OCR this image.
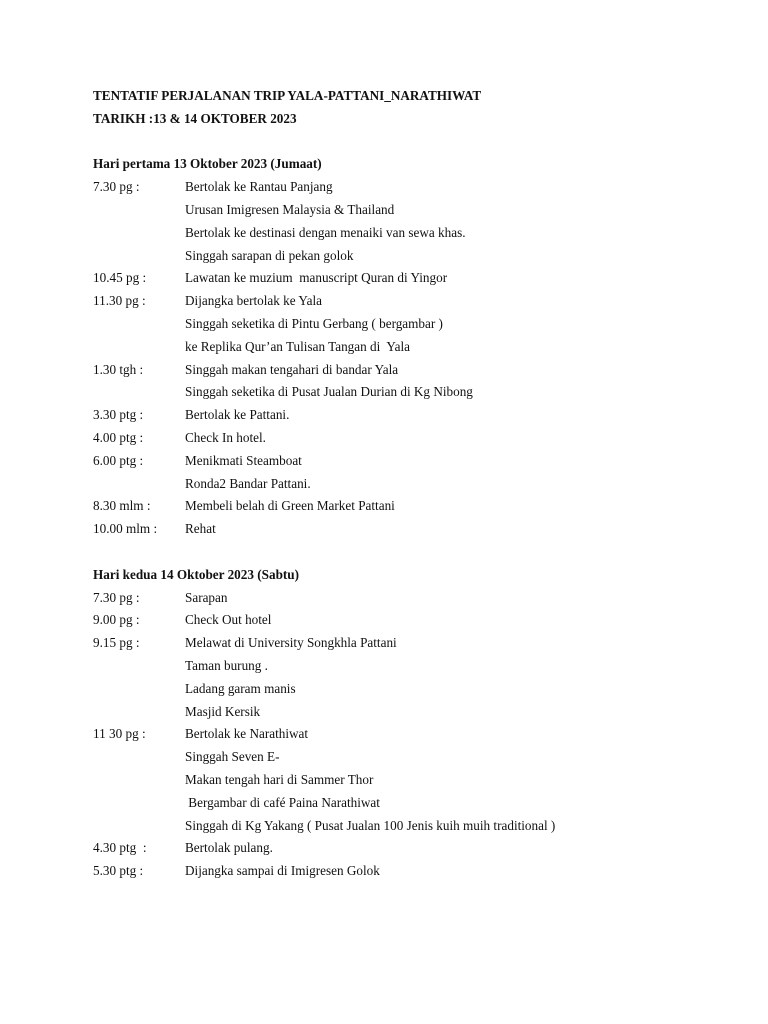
TENTATIF PERJALANAN TRIP YALA-PATTANI_NARATHIWAT
TARIKH :13 & 14 OKTOBER 2023
Hari pertama 13 Oktober 2023 (Jumaat)
7.30 pg :	Bertolak ke Rantau Panjang
Urusan Imigresen Malaysia & Thailand
Bertolak ke destinasi dengan menaiki van sewa khas.
Singgah sarapan di pekan golok
10.45 pg :	Lawatan ke muzium  manuscript Quran di Yingor
11.30 pg :	Dijangka bertolak ke Yala
Singgah seketika di Pintu Gerbang ( bergambar )
ke Replika Qur’an Tulisan Tangan di  Yala
1.30 tgh :	Singgah makan tengahari di bandar Yala
Singgah seketika di Pusat Jualan Durian di Kg Nibong
3.30 ptg :	Bertolak ke Pattani.
4.00 ptg :	Check In hotel.
6.00 ptg :	Menikmati Steamboat
Ronda2 Bandar Pattani.
8.30 mlm :	Membeli belah di Green Market Pattani
10.00 mlm :	Rehat
Hari kedua 14 Oktober 2023 (Sabtu)
7.30 pg :	Sarapan
9.00 pg :	Check Out hotel
9.15 pg :	Melawat di University Songkhla Pattani
Taman burung .
Ladang garam manis
Masjid Kersik
11 30 pg :	Bertolak ke Narathiwat
Singgah Seven E-
Makan tengah hari di Sammer Thor
Bergambar di café Paina Narathiwat
Singgah di Kg Yakang ( Pusat Jualan 100 Jenis kuih muih traditional )
4.30 ptg  :	Bertolak pulang.
5.30 ptg :	Dijangka sampai di Imigresen Golok
